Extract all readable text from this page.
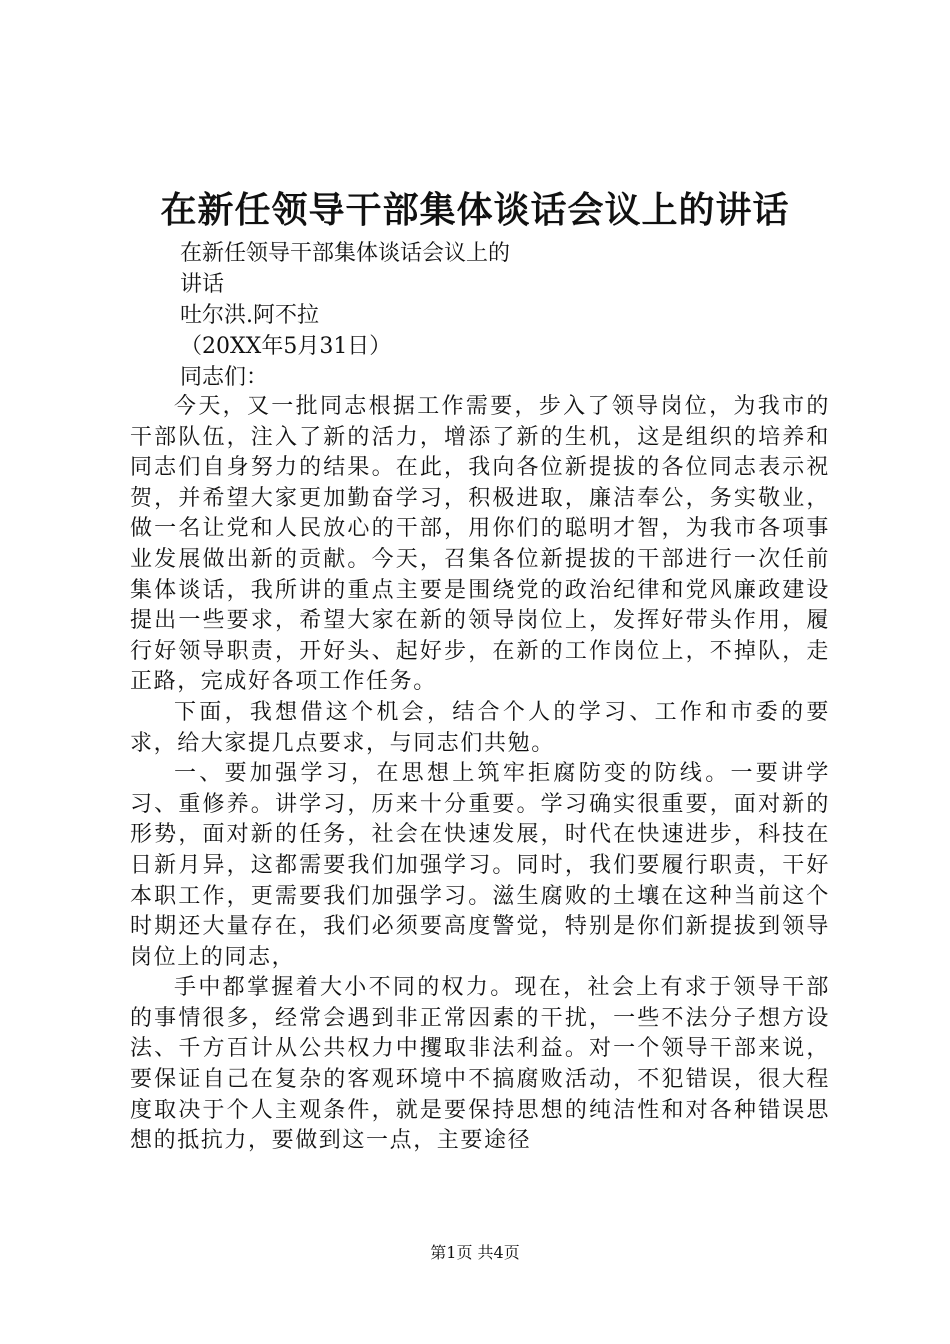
在新任领导干部集体谈话会议上的讲话
在新任领导干部集体谈话会议上的
讲话
吐尔洪.阿不拉
（20XX年5月31日）
同志们：

今天，又一批同志根据工作需要，步入了领导岗位，为我市的干部队伍，注入了新的活力，增添了新的生机，这是组织的培养和同志们自身努力的结果。在此，我向各位新提拔的各位同志表示祝贺，并希望大家更加勤奋学习，积极进取，廉洁奉公，务实敬业，做一名让党和人民放心的干部，用你们的聪明才智，为我市各项事业发展做出新的贡献。今天，召集各位新提拔的干部进行一次任前集体谈话，我所讲的重点主要是围绕党的政治纪律和党风廉政建设提出一些要求，希望大家在新的领导岗位上，发挥好带头作用，履行好领导职责，开好头、起好步，在新的工作岗位上，不掉队，走正路，完成好各项工作任务。

下面，我想借这个机会，结合个人的学习、工作和市委的要求，给大家提几点要求，与同志们共勉。

一、要加强学习，在思想上筑牢拒腐防变的防线。一要讲学习、重修养。讲学习，历来十分重要。学习确实很重要，面对新的形势，面对新的任务，社会在快速发展，时代在快速进步，科技在日新月异，这都需要我们加强学习。同时，我们要履行职责，干好本职工作，更需要我们加强学习。滋生腐败的土壤在这种当前这个时期还大量存在，我们必须要高度警觉，特别是你们新提拔到领导岗位上的同志，

手中都掌握着大小不同的权力。现在，社会上有求于领导干部的事情很多，经常会遇到非正常因素的干扰，一些不法分子想方设法、千方百计从公共权力中攫取非法利益。对一个领导干部来说，要保证自己在复杂的客观环境中不搞腐败活动，不犯错误，很大程度取决于个人主观条件，就是要保持思想的纯洁性和对各种错误思想的抵抗力，要做到这一点，主要途径

第1页 共4页
